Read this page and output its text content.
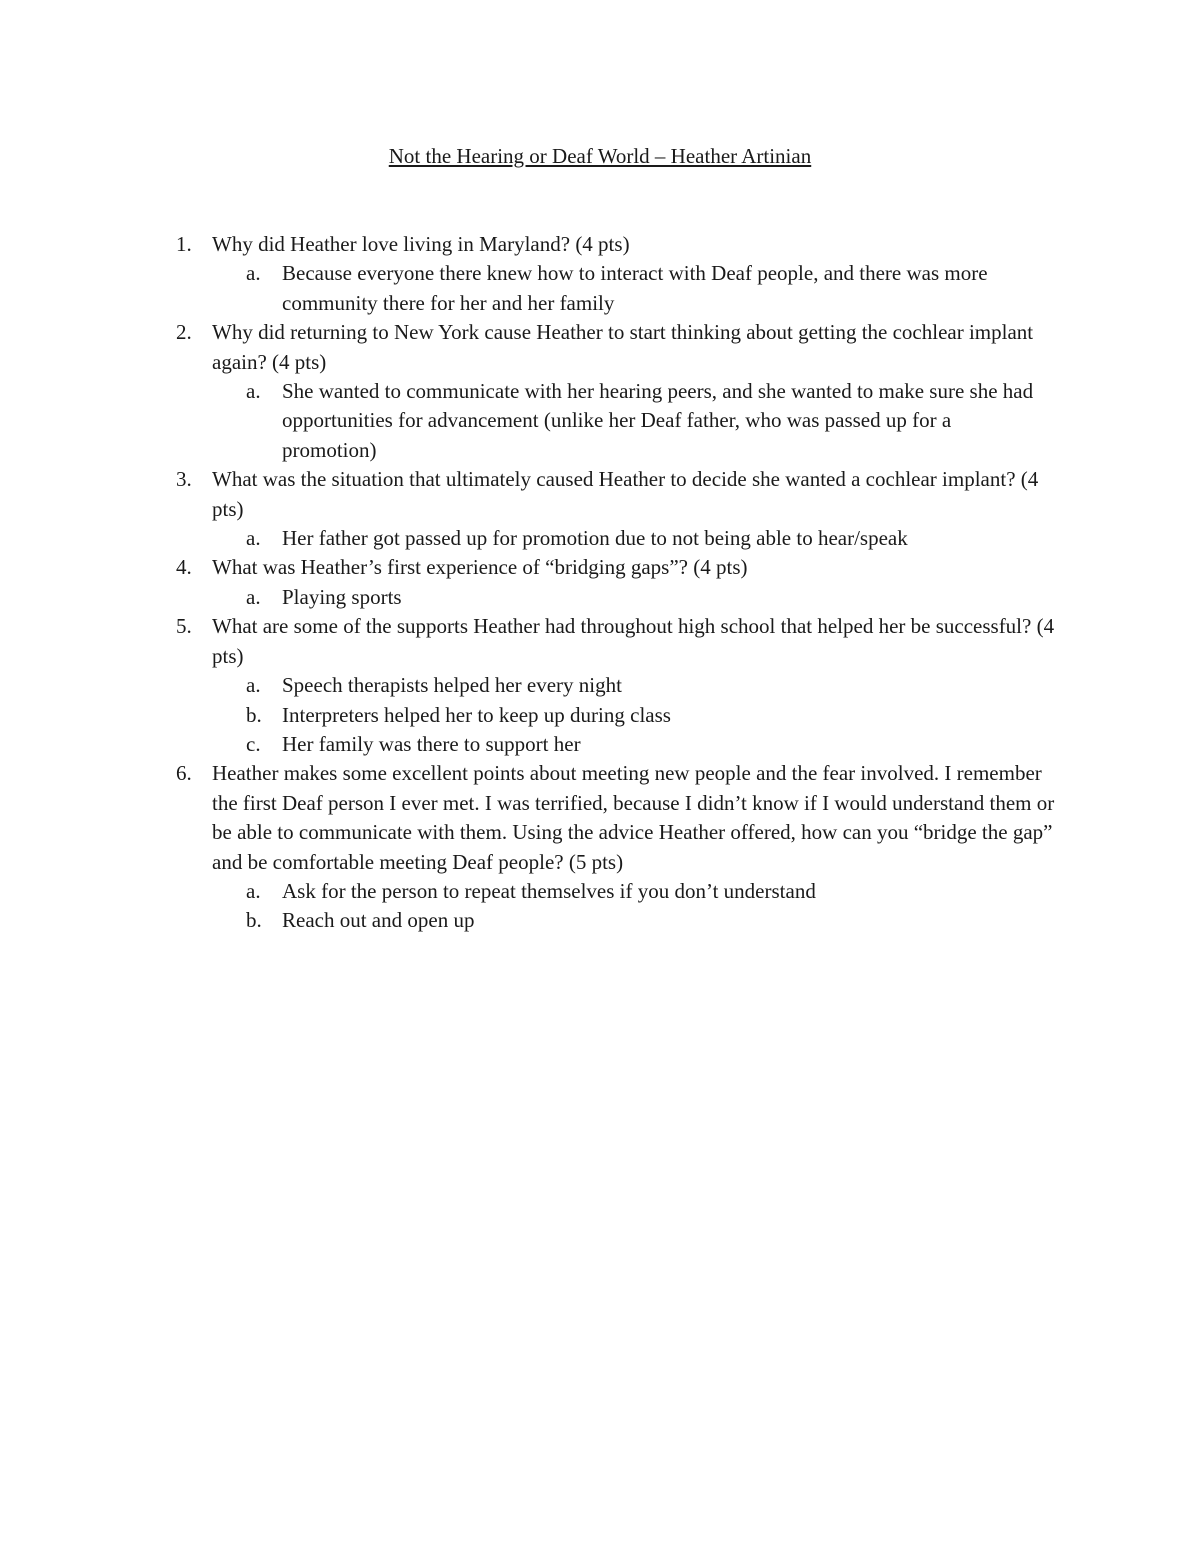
Not the Hearing or Deaf World – Heather Artinian
1. Why did Heather love living in Maryland? (4 pts)
a. Because everyone there knew how to interact with Deaf people, and there was more community there for her and her family
2. Why did returning to New York cause Heather to start thinking about getting the cochlear implant again? (4 pts)
a. She wanted to communicate with her hearing peers, and she wanted to make sure she had opportunities for advancement (unlike her Deaf father, who was passed up for a promotion)
3. What was the situation that ultimately caused Heather to decide she wanted a cochlear implant? (4 pts)
a. Her father got passed up for promotion due to not being able to hear/speak
4. What was Heather’s first experience of “bridging gaps”? (4 pts)
a. Playing sports
5. What are some of the supports Heather had throughout high school that helped her be successful? (4 pts)
a. Speech therapists helped her every night
b. Interpreters helped her to keep up during class
c. Her family was there to support her
6. Heather makes some excellent points about meeting new people and the fear involved. I remember the first Deaf person I ever met. I was terrified, because I didn’t know if I would understand them or be able to communicate with them. Using the advice Heather offered, how can you “bridge the gap” and be comfortable meeting Deaf people? (5 pts)
a. Ask for the person to repeat themselves if you don’t understand
b. Reach out and open up
